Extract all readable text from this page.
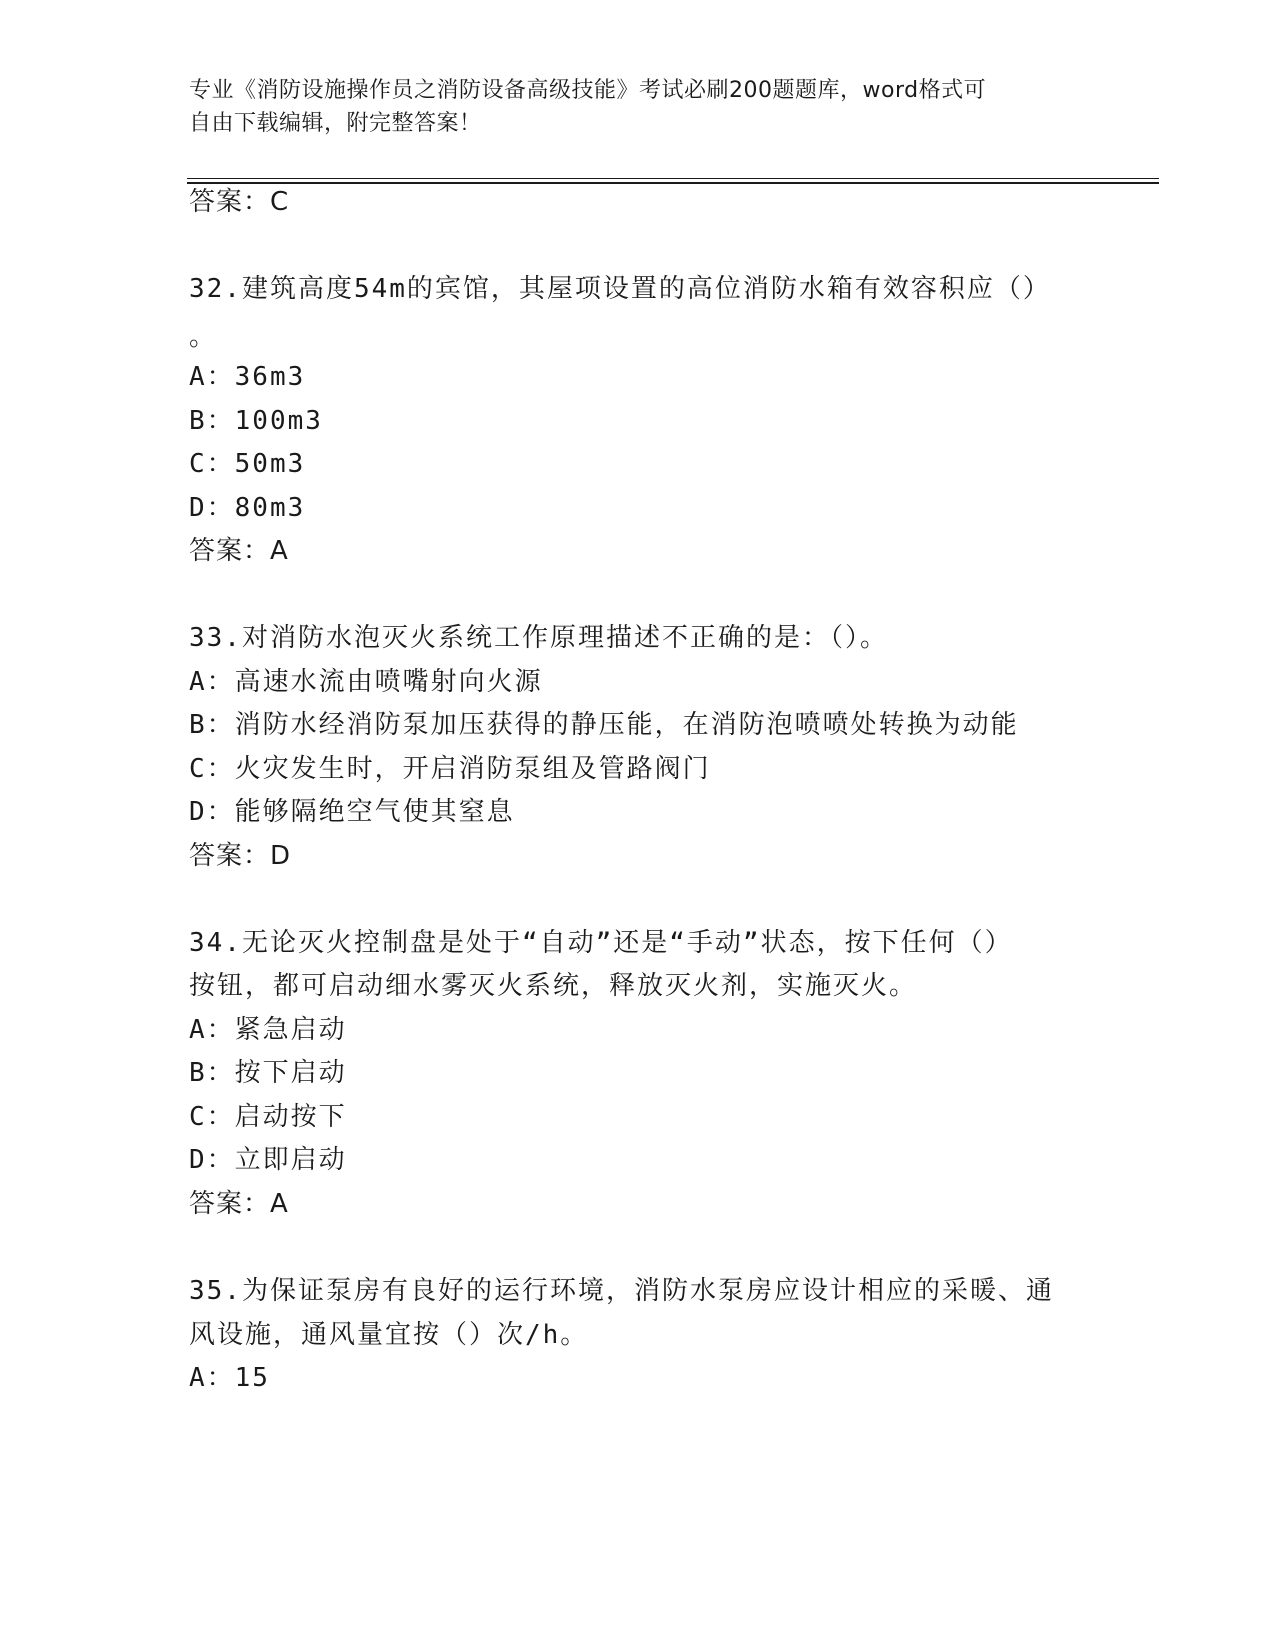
专业《消防设施操作员之消防设备高级技能》考试必刷200题题库，word格式可
自由下载编辑，附完整答案！
答案：C
32.建筑高度54m的宾馆，其屋项设置的高位消防水箱有效容积应（）
。
A：36m3
B：100m3
C：50m3
D：80m3
答案：A
33.对消防水泡灭火系统工作原理描述不正确的是：（）。
A：高速水流由喷嘴射向火源
B：消防水经消防泵加压获得的静压能，在消防泡喷喷处转换为动能
C：火灾发生时，开启消防泵组及管路阀门
D：能够隔绝空气使其窒息
答案：D
34.无论灭火控制盘是处于“自动”还是“手动”状态，按下任何（）
按钮，都可启动细水雾灭火系统，释放灭火剂，实施灭火。
A：紧急启动
B：按下启动
C：启动按下
D：立即启动
答案：A
35.为保证泵房有良好的运行环境，消防水泵房应设计相应的采暖、通
风设施，通风量宜按（）次/h。
A：15
